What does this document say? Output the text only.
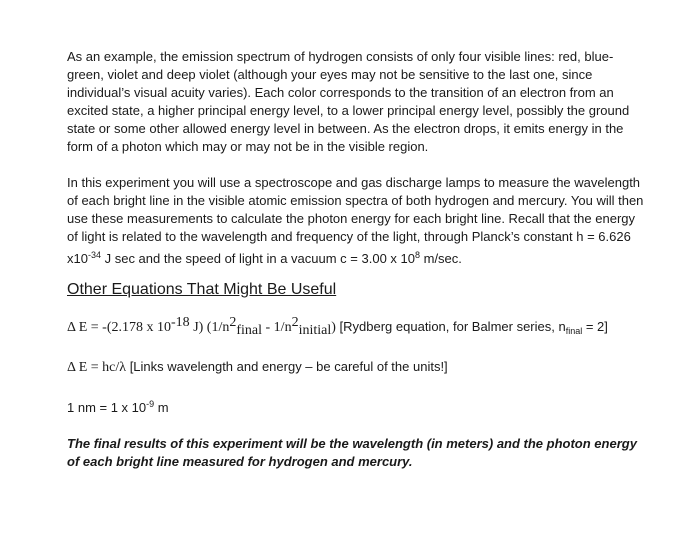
As an example, the emission spectrum of hydrogen consists of only four visible lines: red, blue-green, violet and deep violet (although your eyes may not be sensitive to the last one, since individual’s visual acuity varies). Each color corresponds to the transition of an electron from an excited state, a higher principal energy level, to a lower principal energy level, possibly the ground state or some other allowed energy level in between. As the electron drops, it emits energy in the form of a photon which may or may not be in the visible region.

In this experiment you will use a spectroscope and gas discharge lamps to measure the wavelength of each bright line in the visible atomic emission spectra of both hydrogen and mercury. You will then use these measurements to calculate the photon energy for each bright line. Recall that the energy of light is related to the wavelength and frequency of the light, through Planck’s constant h = 6.626 $x10^{-34}$ J sec and the speed of light in a vacuum c = 3.00 x $10^8$ m/sec.

Other Equations That Might Be Useful

Δ E = -(2.178 x $10^{-18}$ J) $(1/n^2_{final} - 1/n^2_{initial})$ [Rydberg equation, for Balmer series, $n_{final} = 2$]

Δ E = hc/λ [Links wavelength and energy – be careful of the units!]

1 nm = 1 x $10^{-9}$ m

The final results of this experiment will be the wavelength (in meters) and the photon energy of each bright line measured for hydrogen and mercury.
